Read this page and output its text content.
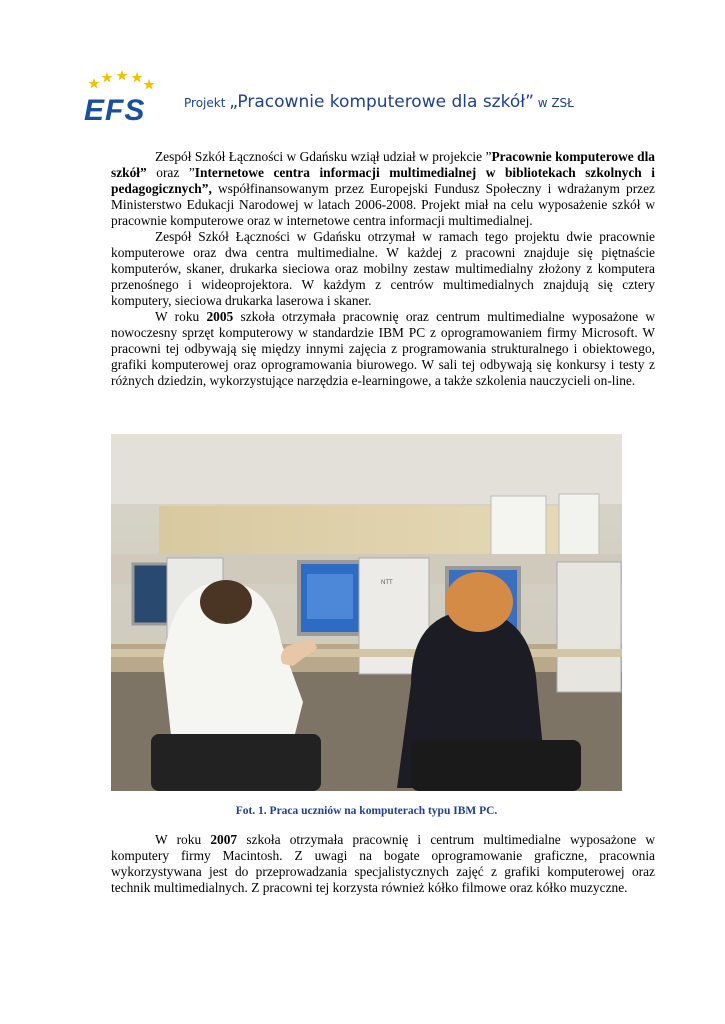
EFS	Projekt „Pracownie komputerowe dla szkół” w ZSŁ

Zespół Szkół Łączności w Gdańsku wziął udział w projekcie ”Pracownie komputerowe dla szkół” oraz ”Internetowe centra informacji multimedialnej w bibliotekach szkolnych i pedagogicznych”, współfinansowanym przez Europejski Fundusz Społeczny i wdrażanym przez Ministerstwo Edukacji Narodowej w latach 2006-2008. Projekt miał na celu wyposażenie szkół w pracownie komputerowe oraz w internetowe centra informacji multimedialnej.

Zespół Szkół Łączności w Gdańsku otrzymał w ramach tego projektu dwie pracownie komputerowe oraz dwa centra multimedialne. W każdej z pracowni znajduje się piętnaście komputerów, skaner, drukarka sieciowa oraz mobilny zestaw multimedialny złożony z komputera przenośnego i wideoprojektora. W każdym z centrów multimedialnych znajdują się cztery komputery, sieciowa drukarka laserowa i skaner.

W roku 2005 szkoła otrzymała pracownię oraz centrum multimedialne wyposażone w nowoczesny sprzęt komputerowy w standardzie IBM PC z oprogramowaniem firmy Microsoft. W pracowni tej odbywają się między innymi zajęcia z programowania strukturalnego i obiektowego, grafiki komputerowej oraz oprogramowania biurowego. W sali tej odbywają się konkursy i testy z różnych dziedzin, wykorzystujące narzędzia e-learningowe, a także szkolenia nauczycieli on-line.

NTT
Fot. 1. Praca uczniów na komputerach typu IBM PC.

W roku 2007 szkoła otrzymała pracownię i centrum multimedialne wyposażone w komputery firmy Macintosh. Z uwagi na bogate oprogramowanie graficzne, pracownia wykorzystywana jest do przeprowadzania specjalistycznych zajęć z grafiki komputerowej oraz technik multimedialnych. Z pracowni tej korzysta również kółko filmowe oraz kółko muzyczne.
